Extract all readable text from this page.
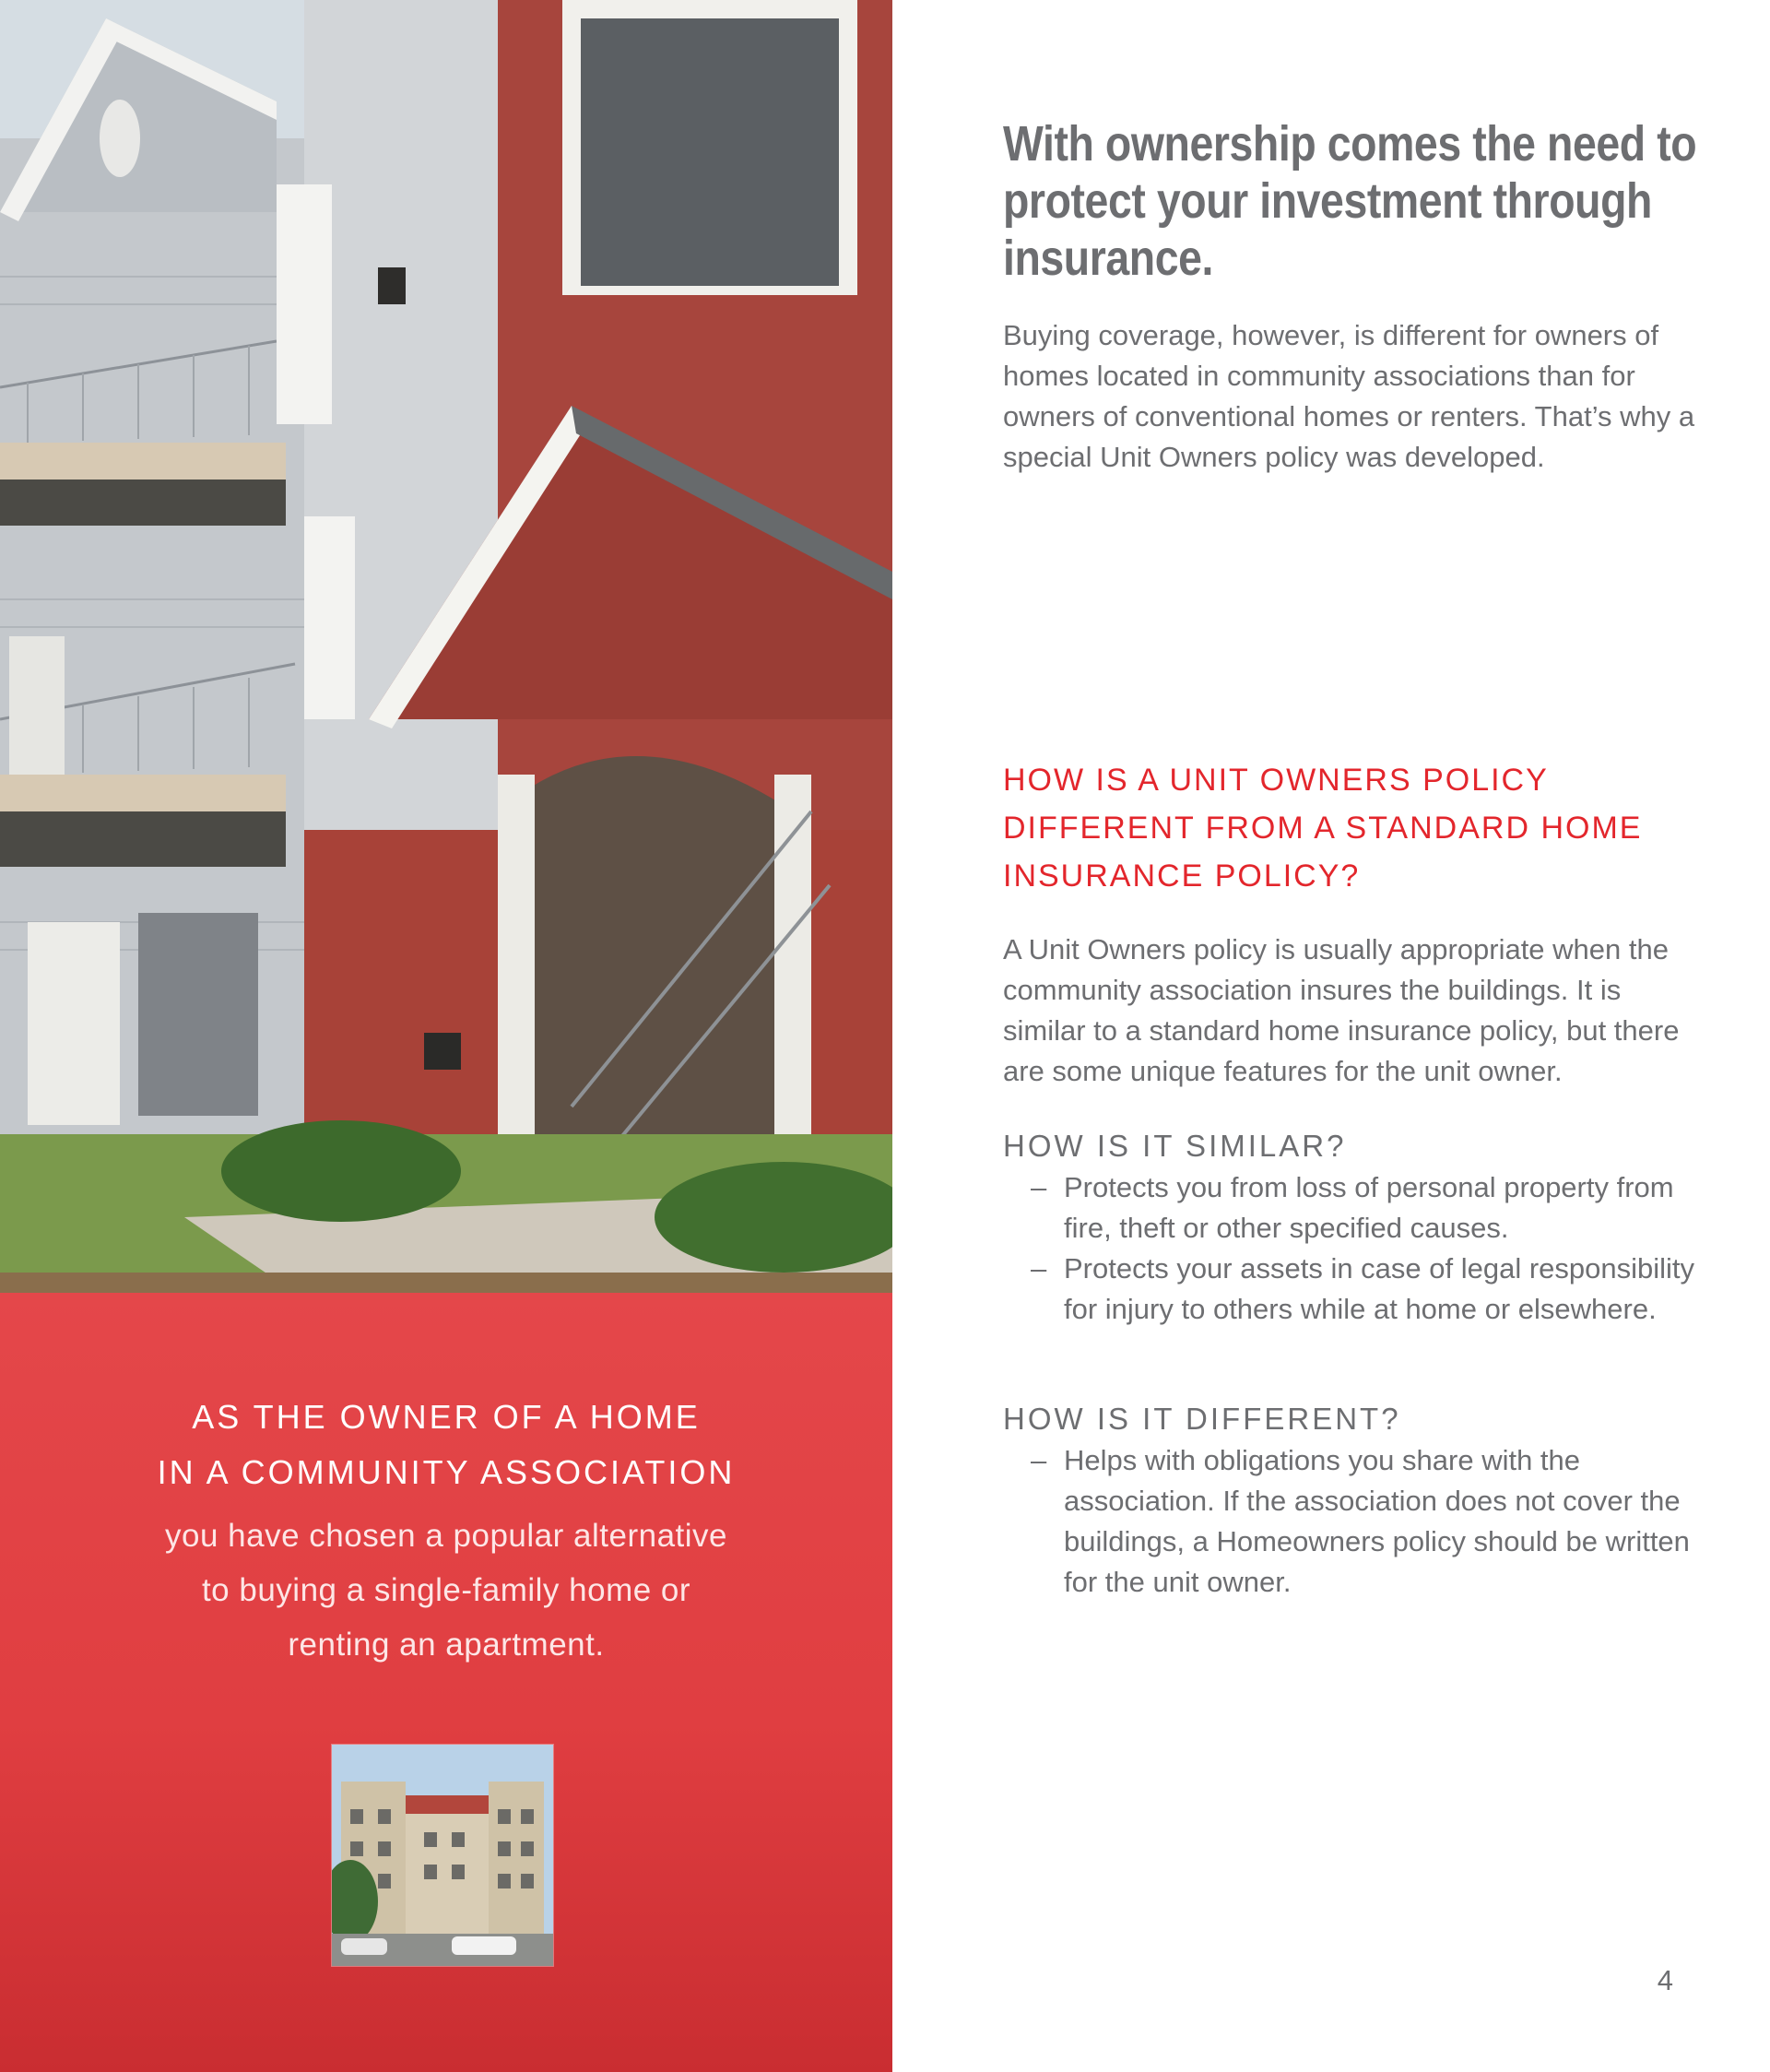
AS THE OWNER OF A HOME
IN A COMMUNITY ASSOCIATION
you have chosen a popular alternative
to buying a single-family home or
renting an apartment.
With ownership comes the need to protect your investment through insurance.

Buying coverage, however, is different for owners of homes located in community associations than for owners of conventional homes or renters. That’s why a special Unit Owners policy was developed.

HOW IS A UNIT OWNERS POLICY DIFFERENT FROM A STANDARD HOME INSURANCE POLICY?

A Unit Owners policy is usually appropriate when the community association insures the buildings. It is similar to a standard home insurance policy, but there are some unique features for the unit owner.

HOW IS IT SIMILAR?
– Protects you from loss of personal property from fire, theft or other specified causes.
– Protects your assets in case of legal responsibility for injury to others while at home or elsewhere.
HOW IS IT DIFFERENT?
– Helps with obligations you share with the association. If the association does not cover the buildings, a Homeowners policy should be written for the unit owner.
4
